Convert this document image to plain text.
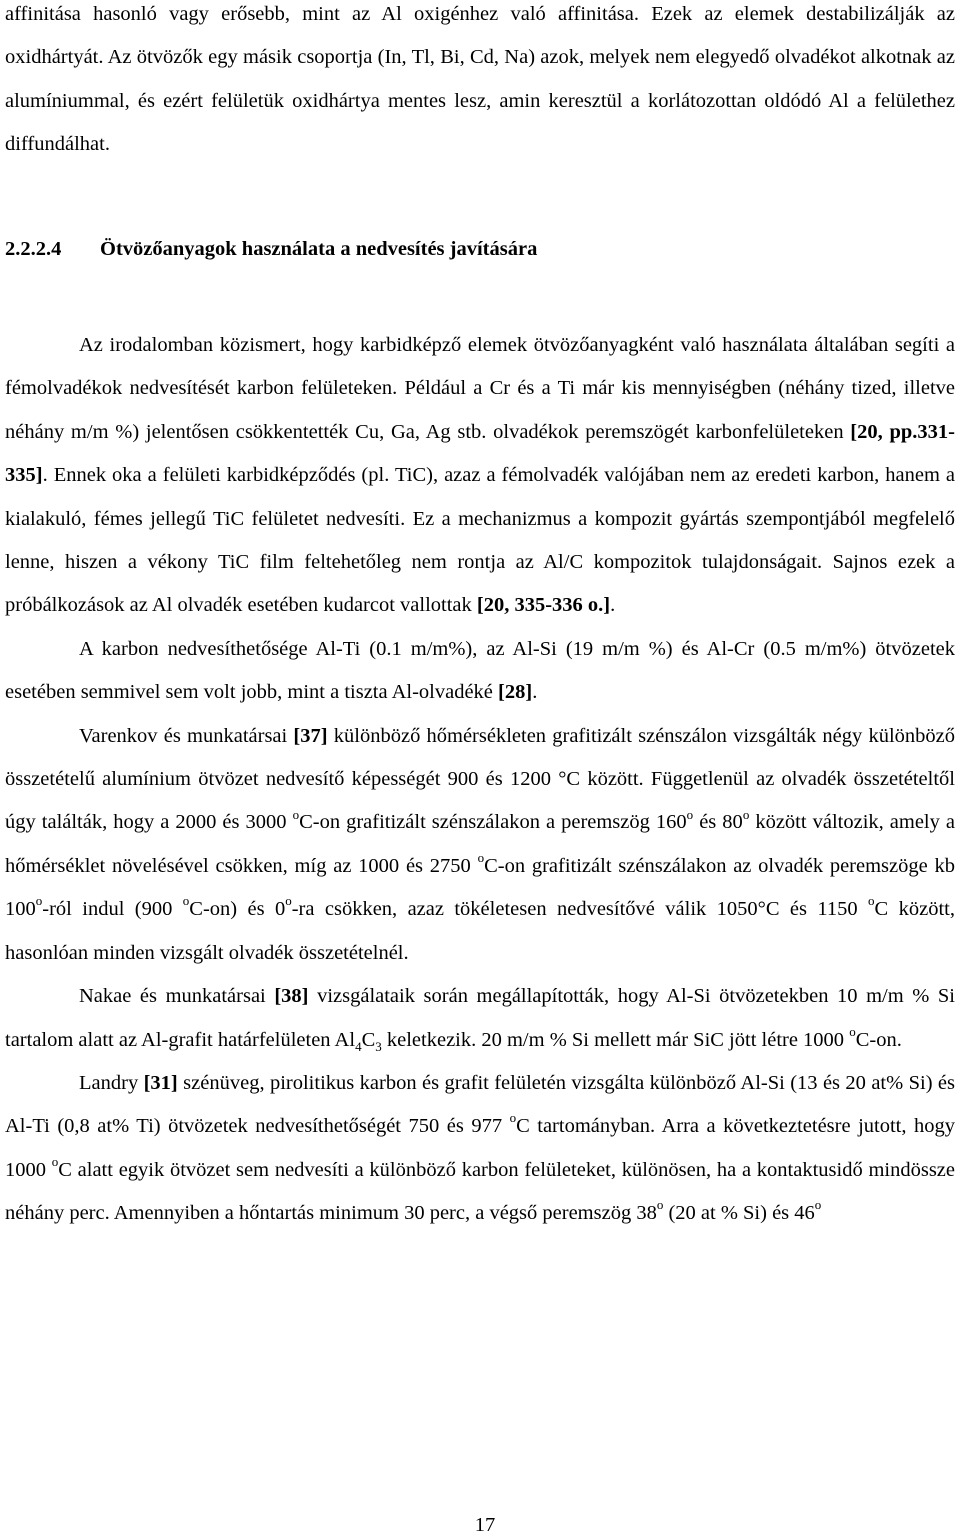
affinitása hasonló vagy erősebb, mint az Al oxigénhez való affinitása. Ezek az elemek destabilizálják az oxidhártyát. Az ötvözők egy másik csoportja (In, Tl, Bi, Cd, Na) azok, melyek nem elegyedő olvadékot alkotnak az alumíniummal, és ezért felületük oxidhártya mentes lesz, amin keresztül a korlátozottan oldódó Al a felülethez diffundálhat.

2.2.2.4 Ötvözőanyagok használata a nedvesítés javítására

Az irodalomban közismert, hogy karbidképző elemek ötvözőanyagként való használata általában segíti a fémolvadékok nedvesítését karbon felületeken. Például a Cr és a Ti már kis mennyiségben (néhány tized, illetve néhány m/m %) jelentősen csökkentették Cu, Ga, Ag stb. olvadékok peremszögét karbonfelületeken [20, pp.331-335]. Ennek oka a felületi karbidképződés (pl. TiC), azaz a fémolvadék valójában nem az eredeti karbon, hanem a kialakuló, fémes jellegű TiC felületet nedvesíti. Ez a mechanizmus a kompozit gyártás szempontjából megfelelő lenne, hiszen a vékony TiC film feltehetőleg nem rontja az Al/C kompozitok tulajdonságait. Sajnos ezek a próbálkozások az Al olvadék esetében kudarcot vallottak [20, 335-336 o.].

A karbon nedvesíthetősége Al-Ti (0.1 m/m%), az Al-Si (19 m/m %) és Al-Cr (0.5 m/m%) ötvözetek esetében semmivel sem volt jobb, mint a tiszta Al-olvadéké [28].

Varenkov és munkatársai [37] különböző hőmérsékleten grafitizált szénszálon vizsgálták négy különböző összetételű alumínium ötvözet nedvesítő képességét 900 és 1200 °C között. Függetlenül az olvadék összetételtől úgy találták, hogy a 2000 és 3000 $^o$C-on grafitizált szénszálakon a peremszög 160$^o$ és 80$^o$ között változik, amely a hőmérséklet növelésével csökken, míg az 1000 és 2750 $^o$C-on grafitizált szénszálakon az olvadék peremszöge kb 100$^o$-ról indul (900 $^o$C-on) és 0$^o$-ra csökken, azaz tökéletesen nedvesítővé válik 1050°C és 1150 $^o$C között, hasonlóan minden vizsgált olvadék összetételnél.

Nakae és munkatársai [38] vizsgálataik során megállapították, hogy Al-Si ötvözetekben 10 m/m % Si tartalom alatt az Al-grafit határfelületen $Al_4C_3$ keletkezik. 20 m/m % Si mellett már SiC jött létre 1000 $^o$C-on.

Landry [31] szénüveg, pirolitikus karbon és grafit felületén vizsgálta különböző Al-Si (13 és 20 at% Si) és Al-Ti (0,8 at% Ti) ötvözetek nedvesíthetőségét 750 és 977 $^o$C tartományban. Arra a következtetésre jutott, hogy 1000 $^o$C alatt egyik ötvözet sem nedvesíti a különböző karbon felületeket, különösen, ha a kontaktusidő mindössze néhány perc. Amennyiben a hőntartás minimum 30 perc, a végső peremszög 38$^o$ (20 at % Si) és 46$^o$

17
